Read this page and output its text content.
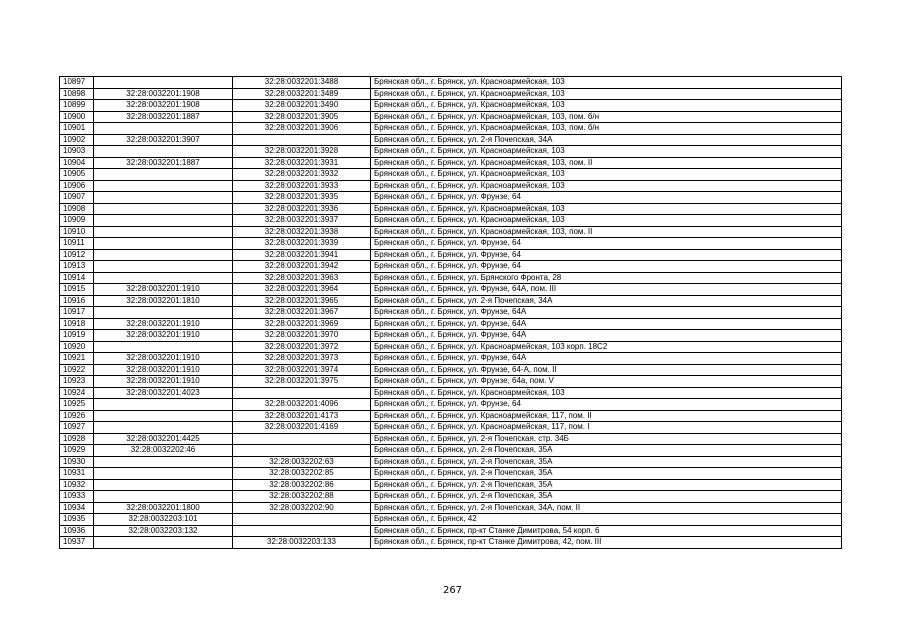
10897		32:28:0032201:3488	Брянская обл., г. Брянск, ул. Красноармейская, 103
10898	32:28:0032201:1908	32:28:0032201:3489	Брянская обл., г. Брянск, ул. Красноармейская, 103
10899	32:28:0032201:1908	32:28:0032201:3490	Брянская обл., г. Брянск, ул. Красноармейская, 103
10900	32:28:0032201:1887	32:28:0032201:3905	Брянская обл., г. Брянск, ул. Красноармейская, 103, пом. б/н
10901		32:28:0032201:3906	Брянская обл., г. Брянск, ул. Красноармейская, 103, пом. б/н
10902	32:28:0032201:3907		Брянская обл., г. Брянск, ул. 2-я Почепская, 34А
10903		32:28:0032201:3928	Брянская обл., г. Брянск, ул. Красноармейская, 103
10904	32:28:0032201:1887	32:28:0032201:3931	Брянская обл., г. Брянск, ул. Красноармейская, 103, пом. II
10905		32:28:0032201:3932	Брянская обл., г. Брянск, ул. Красноармейская, 103
10906		32:28:0032201:3933	Брянская обл., г. Брянск, ул. Красноармейская, 103
10907		32:28:0032201:3935	Брянская обл., г. Брянск, ул. Фрунзе, 64
10908		32:28:0032201:3936	Брянская обл., г. Брянск, ул. Красноармейская, 103
10909		32:28:0032201:3937	Брянская обл., г. Брянск, ул. Красноармейская, 103
10910		32:28:0032201:3938	Брянская обл., г. Брянск, ул. Красноармейская, 103, пом. II
10911		32:28:0032201:3939	Брянская обл., г. Брянск, ул. Фрунзе, 64
10912		32:28:0032201:3941	Брянская обл., г. Брянск, ул. Фрунзе, 64
10913		32:28:0032201:3942	Брянская обл., г. Брянск, ул. Фрунзе, 64
10914		32:28:0032201:3963	Брянская обл., г. Брянск, ул. Брянского Фронта, 28
10915	32:28:0032201:1910	32:28:0032201:3964	Брянская обл., г. Брянск, ул. Фрунзе, 64А, пом. III
10916	32:28:0032201:1810	32:28:0032201:3965	Брянская обл., г. Брянск, ул. 2-я Почепская, 34А
10917		32:28:0032201:3967	Брянская обл., г. Брянск, ул. Фрунзе, 64А
10918	32:28:0032201:1910	32:28:0032201:3969	Брянская обл., г. Брянск, ул. Фрунзе, 64А
10919	32:28:0032201:1910	32:28:0032201:3970	Брянская обл., г. Брянск, ул. Фрунзе, 64А
10920		32:28:0032201:3972	Брянская обл., г. Брянск, ул. Красноармейская, 103 корп. 18С2
10921	32:28:0032201:1910	32:28:0032201:3973	Брянская обл., г. Брянск, ул. Фрунзе, 64А
10922	32:28:0032201:1910	32:28:0032201:3974	Брянская обл., г. Брянск, ул. Фрунзе, 64-А, пом. II
10923	32:28:0032201:1910	32:28:0032201:3975	Брянская обл., г. Брянск, ул. Фрунзе, 64а, пом. V
10924	32:28:0032201:4023		Брянская обл., г. Брянск, ул. Красноармейская, 103
10925		32:28:0032201:4096	Брянская обл., г. Брянск, ул. Фрунзе, 64
10926		32:28:0032201:4173	Брянская обл., г. Брянск, ул. Красноармейская, 117, пом. II
10927		32:28:0032201:4169	Брянская обл., г. Брянск, ул. Красноармейская, 117, пом. I
10928	32:28:0032201:4425		Брянская обл., г. Брянск, ул. 2-я Почепская, стр. 34Б
10929	32:28:0032202:46		Брянская обл., г. Брянск, ул. 2-я Почепская, 35А
10930		32:28:0032202:63	Брянская обл., г. Брянск, ул. 2-я Почепская, 35А
10931		32:28:0032202:85	Брянская обл., г. Брянск, ул. 2-я Почепская, 35А
10932		32:28:0032202:86	Брянская обл., г. Брянск, ул. 2-я Почепская, 35А
10933		32:28:0032202:88	Брянская обл., г. Брянск, ул. 2-я Почепская, 35А
10934	32:28:0032201:1800	32:28:0032202:90	Брянская обл., г. Брянск, ул. 2-я Почепская, 34А, пом. II
10935	32:28:0032203:101		Брянская обл., г. Брянск, 42
10936	32:28:0032203:132		Брянская обл., г. Брянск, пр-кт Станке Димитрова, 54 корп. 6
10937		32:28:0032203:133	Брянская обл., г. Брянск, пр-кт Станке Димитрова, 42, пом. III
267
